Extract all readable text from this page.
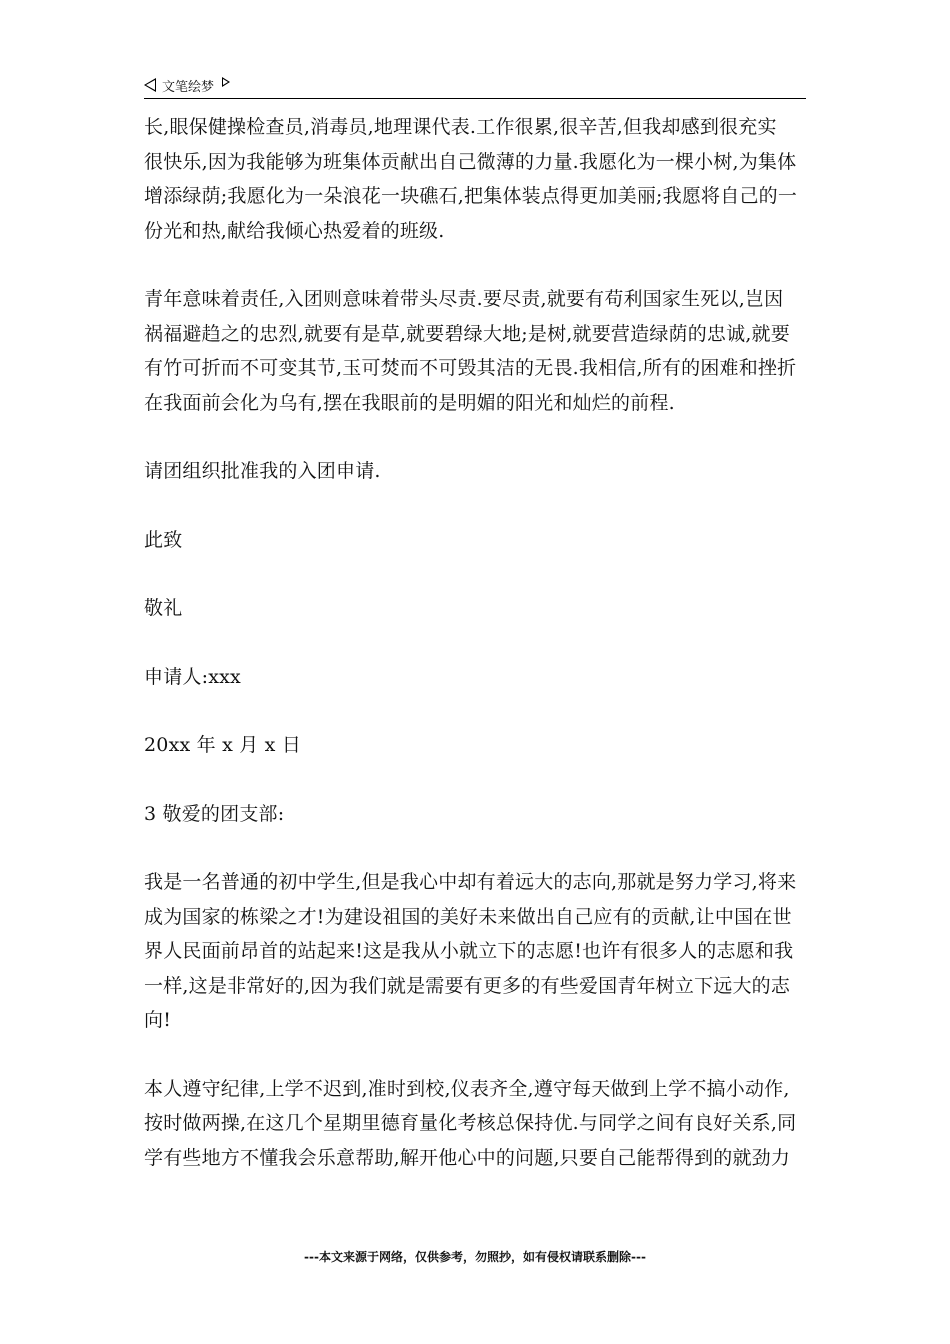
文笔绘梦

长,眼保健操检查员,消毒员,地理课代表.工作很累,很辛苦,但我却感到很充实
很快乐,因为我能够为班集体贡献出自己微薄的力量.我愿化为一棵小树,为集体
增添绿荫;我愿化为一朵浪花一块礁石,把集体装点得更加美丽;我愿将自己的一
份光和热,献给我倾心热爱着的班级.

青年意味着责任,入团则意味着带头尽责.要尽责,就要有苟利国家生死以,岂因
祸福避趋之的忠烈,就要有是草,就要碧绿大地;是树,就要营造绿荫的忠诚,就要
有竹可折而不可变其节,玉可焚而不可毁其洁的无畏.我相信,所有的困难和挫折
在我面前会化为乌有,摆在我眼前的是明媚的阳光和灿烂的前程.

请团组织批准我的入团申请.

此致

敬礼

申请人:xxx

20xx 年 x 月 x 日

3 敬爱的团支部:

我是一名普通的初中学生,但是我心中却有着远大的志向,那就是努力学习,将来
成为国家的栋梁之才!为建设祖国的美好未来做出自己应有的贡献,让中国在世
界人民面前昂首的站起来!这是我从小就立下的志愿!也许有很多人的志愿和我
一样,这是非常好的,因为我们就是需要有更多的有些爱国青年树立下远大的志
向!

本人遵守纪律,上学不迟到,准时到校,仪表齐全,遵守每天做到上学不搞小动作,
按时做两操,在这几个星期里德育量化考核总保持优.与同学之间有良好关系,同
学有些地方不懂我会乐意帮助,解开他心中的问题,只要自己能帮得到的就劲力

---本文来源于网络，仅供参考，勿照抄，如有侵权请联系删除---
